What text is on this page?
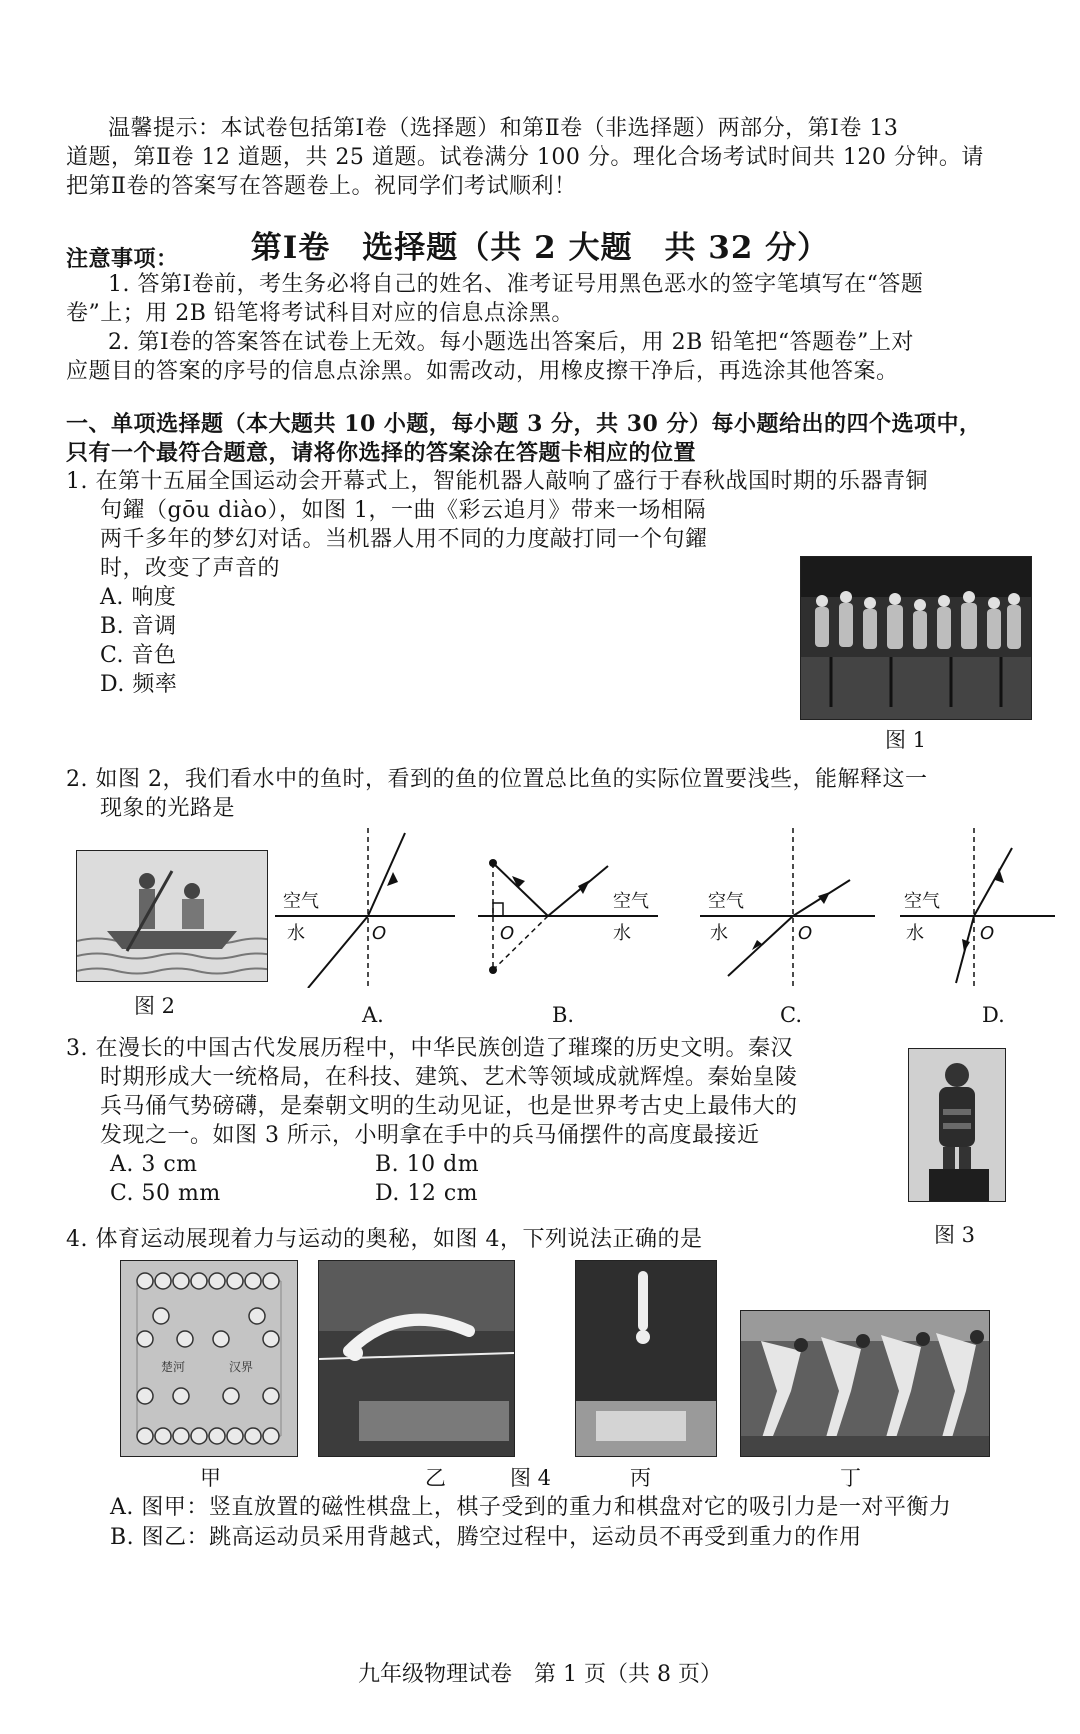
温馨提示：本试卷包括第Ⅰ卷（选择题）和第Ⅱ卷（非选择题）两部分，第Ⅰ卷 13
道题，第Ⅱ卷 12 道题，共 25 道题。试卷满分 100 分。理化合场考试时间共 120 分钟。请
把第Ⅱ卷的答案写在答题卷上。祝同学们考试顺利！
第Ⅰ卷　选择题（共 2 大题　共 32 分）
注意事项：
1. 答第Ⅰ卷前，考生务必将自己的姓名、准考证号用黑色恶水的签字笔填写在“答题
卷”上；用 2B 铅笔将考试科目对应的信息点涂黑。
2. 第Ⅰ卷的答案答在试卷上无效。每小题选出答案后，用 2B 铅笔把“答题卷”上对
应题目的答案的序号的信息点涂黑。如需改动，用橡皮擦干净后，再选涂其他答案。
一、单项选择题（本大题共 10 小题，每小题 3 分，共 30 分）每小题给出的四个选项中，
只有一个最符合题意，请将你选择的答案涂在答题卡相应的位置
1. 在第十五届全国运动会开幕式上，智能机器人敲响了盛行于春秋战国时期的乐器青铜
句鑃（gōu diào），如图 1，一曲《彩云追月》带来一场相隔
两千多年的梦幻对话。当机器人用不同的力度敲打同一个句鑃
时，改变了声音的
A. 响度
B. 音调
C. 音色
D. 频率
图 1
2. 如图 2，我们看水中的鱼时，看到的鱼的位置总比鱼的实际位置要浅些，能解释这一
现象的光路是
图 2
空气
水	O
A.
空气
水
O
B.
空气
水	O
C.
空气
水	O
D.
3. 在漫长的中国古代发展历程中，中华民族创造了璀璨的历史文明。秦汉
时期形成大一统格局，在科技、建筑、艺术等领域成就辉煌。秦始皇陵
兵马俑气势磅礴，是秦朝文明的生动见证，也是世界考古史上最伟大的
发现之一。如图 3 所示，小明拿在手中的兵马俑摆件的高度最接近
A. 3 cm	B. 10 dm
C. 50 mm	D. 12 cm
图 3
4. 体育运动展现着力与运动的奥秘，如图 4，下列说法正确的是
楚河	汉界
甲	乙	图 4	丙	丁
A. 图甲：竖直放置的磁性棋盘上，棋子受到的重力和棋盘对它的吸引力是一对平衡力
B. 图乙：跳高运动员采用背越式，腾空过程中，运动员不再受到重力的作用
九年级物理试卷　第 1 页（共 8 页）
